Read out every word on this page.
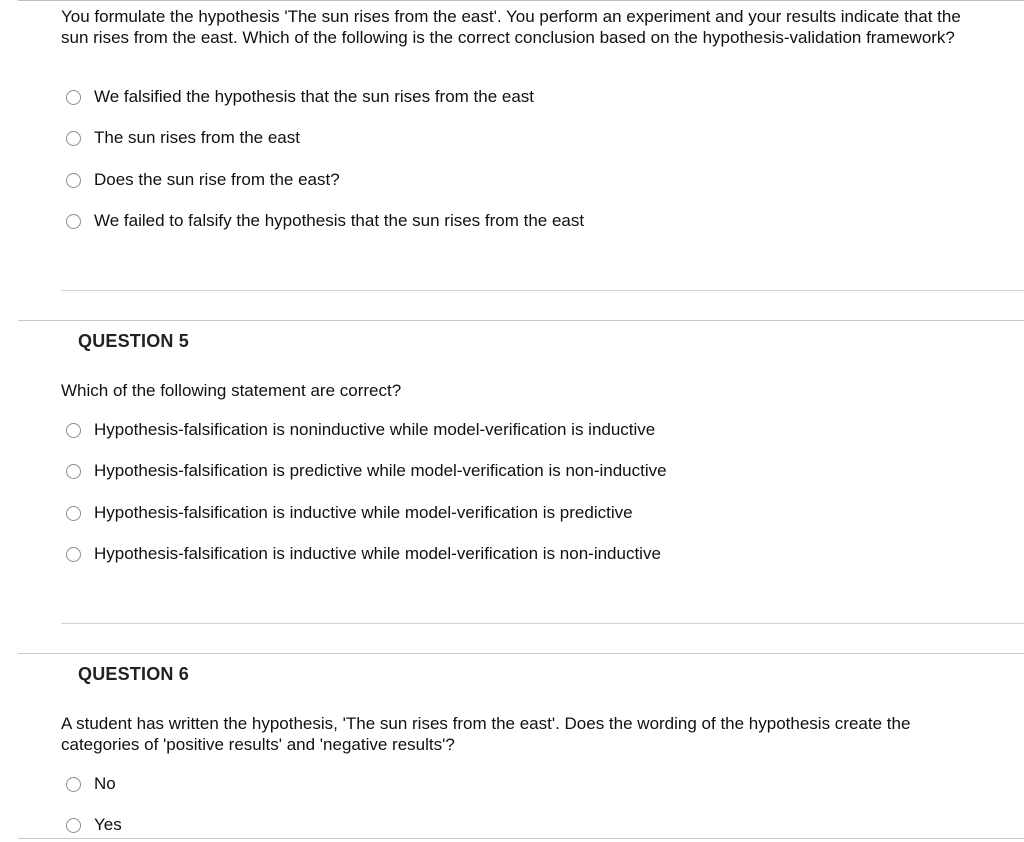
You formulate the hypothesis 'The sun rises from the east'. You perform an experiment and your results indicate that the sun rises from the east. Which of the following is the correct conclusion based on the hypothesis-validation framework?
We falsified the hypothesis that the sun rises from the east
The sun rises from the east
Does the sun rise from the east?
We failed to falsify the hypothesis that the sun rises from the east
QUESTION 5
Which of the following statement are correct?
Hypothesis-falsification is noninductive while model-verification is inductive
Hypothesis-falsification is predictive while model-verification is non-inductive
Hypothesis-falsification is inductive while model-verification is predictive
Hypothesis-falsification is inductive while model-verification is non-inductive
QUESTION 6
A student has written the hypothesis, 'The sun rises from the east'. Does the wording of the hypothesis create the categories of 'positive results' and 'negative results'?
No
Yes
